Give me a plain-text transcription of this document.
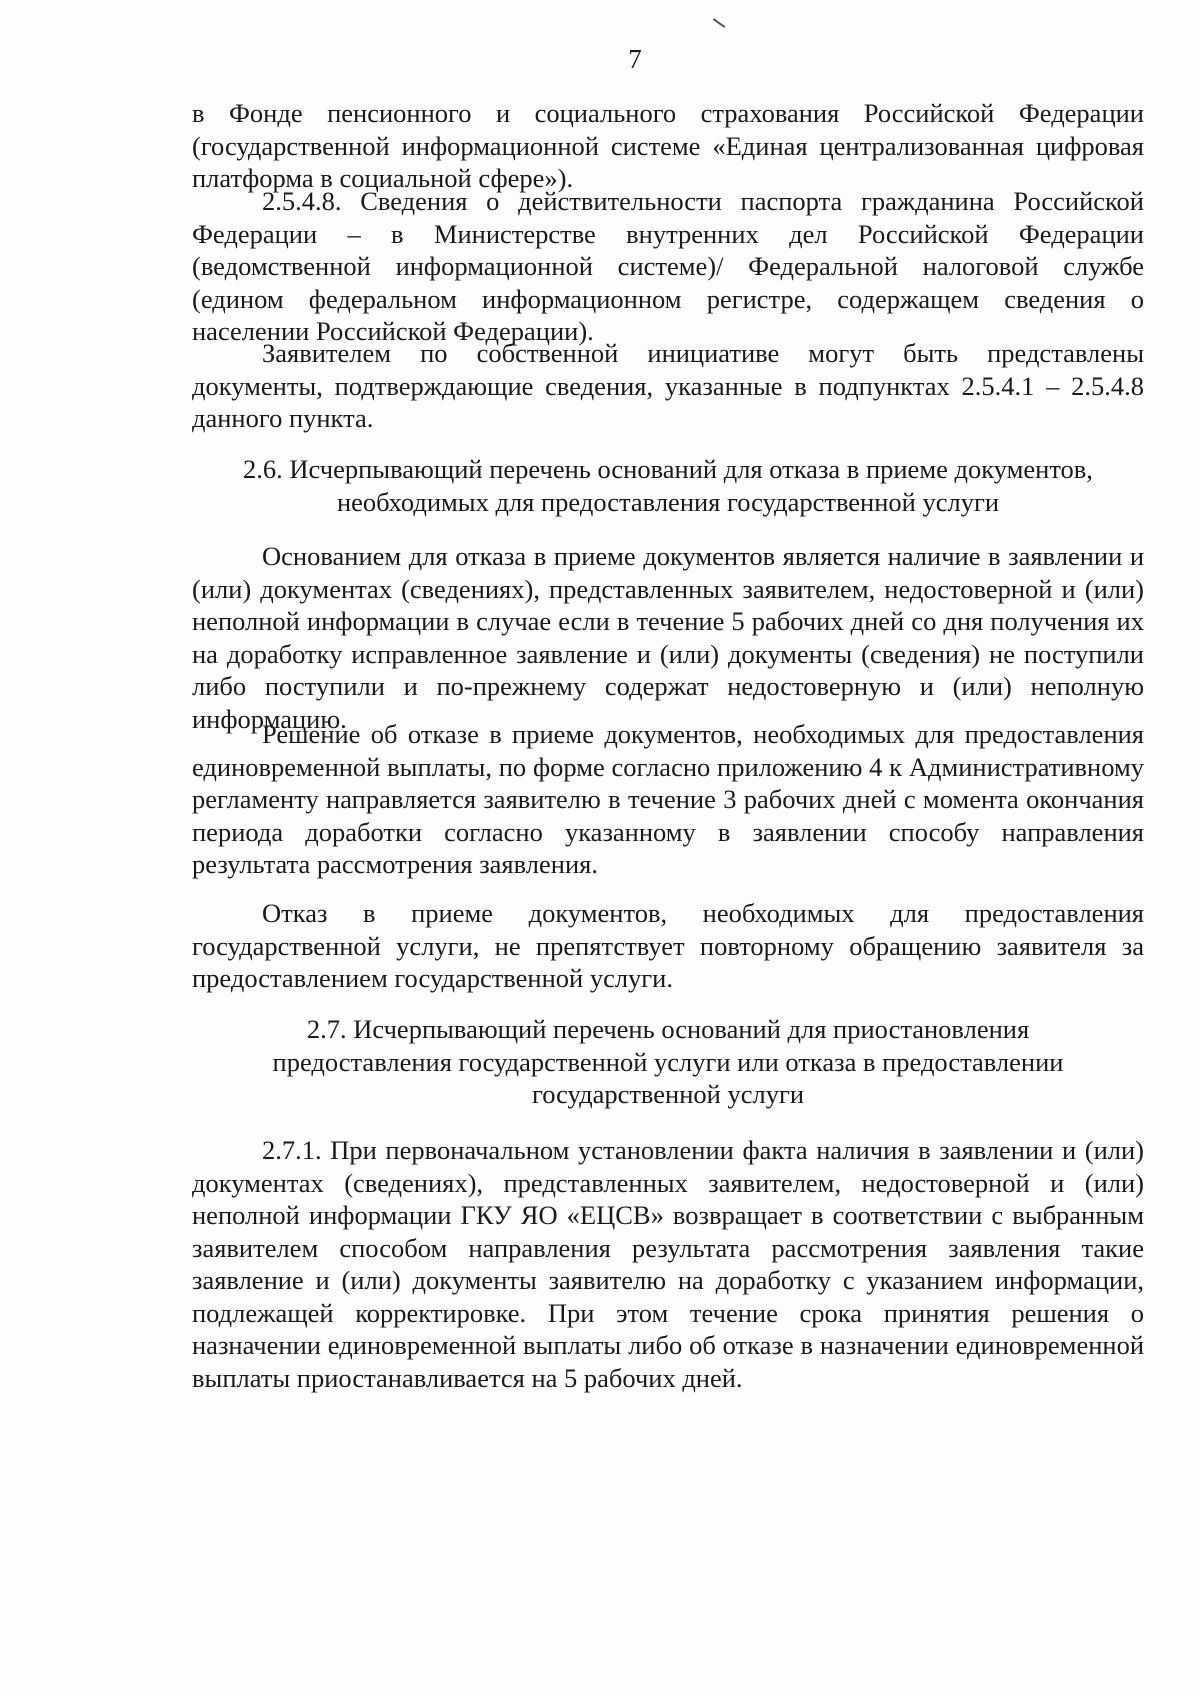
7

в Фонде пенсионного и социального страхования Российской Федерации (государственной информационной системе «Единая централизованная цифровая платформа в социальной сфере»).

2.5.4.8. Сведения о действительности паспорта гражданина Российской Федерации – в Министерстве внутренних дел Российской Федерации (ведомственной информационной системе)/ Федеральной налоговой службе (едином федеральном информационном регистре, содержащем сведения о населении Российской Федерации).

Заявителем по собственной инициативе могут быть представлены документы, подтверждающие сведения, указанные в подпунктах 2.5.4.1 – 2.5.4.8 данного пункта.

2.6. Исчерпывающий перечень оснований для отказа в приеме документов,
необходимых для предоставления государственной услуги

Основанием для отказа в приеме документов является наличие в заявлении и (или) документах (сведениях), представленных заявителем, недостоверной и (или) неполной информации в случае если в течение 5 рабочих дней со дня получения их на доработку исправленное заявление и (или) документы (сведения) не поступили либо поступили и по-прежнему содержат недостоверную и (или) неполную информацию.

Решение об отказе в приеме документов, необходимых для предоставления единовременной выплаты, по форме согласно приложению 4 к Административному регламенту направляется заявителю в течение 3 рабочих дней с момента окончания периода доработки согласно указанному в заявлении способу направления результата рассмотрения заявления.

Отказ в приеме документов, необходимых для предоставления государственной услуги, не препятствует повторному обращению заявителя за предоставлением государственной услуги.

2.7. Исчерпывающий перечень оснований для приостановления
предоставления государственной услуги или отказа в предоставлении
государственной услуги

2.7.1. При первоначальном установлении факта наличия в заявлении и (или) документах (сведениях), представленных заявителем, недостоверной и (или) неполной информации ГКУ ЯО «ЕЦСВ» возвращает в соответствии с выбранным заявителем способом направления результата рассмотрения заявления такие заявление и (или) документы заявителю на доработку с указанием информации, подлежащей корректировке. При этом течение срока принятия решения о назначении единовременной выплаты либо об отказе в назначении единовременной выплаты приостанавливается на 5 рабочих дней.
